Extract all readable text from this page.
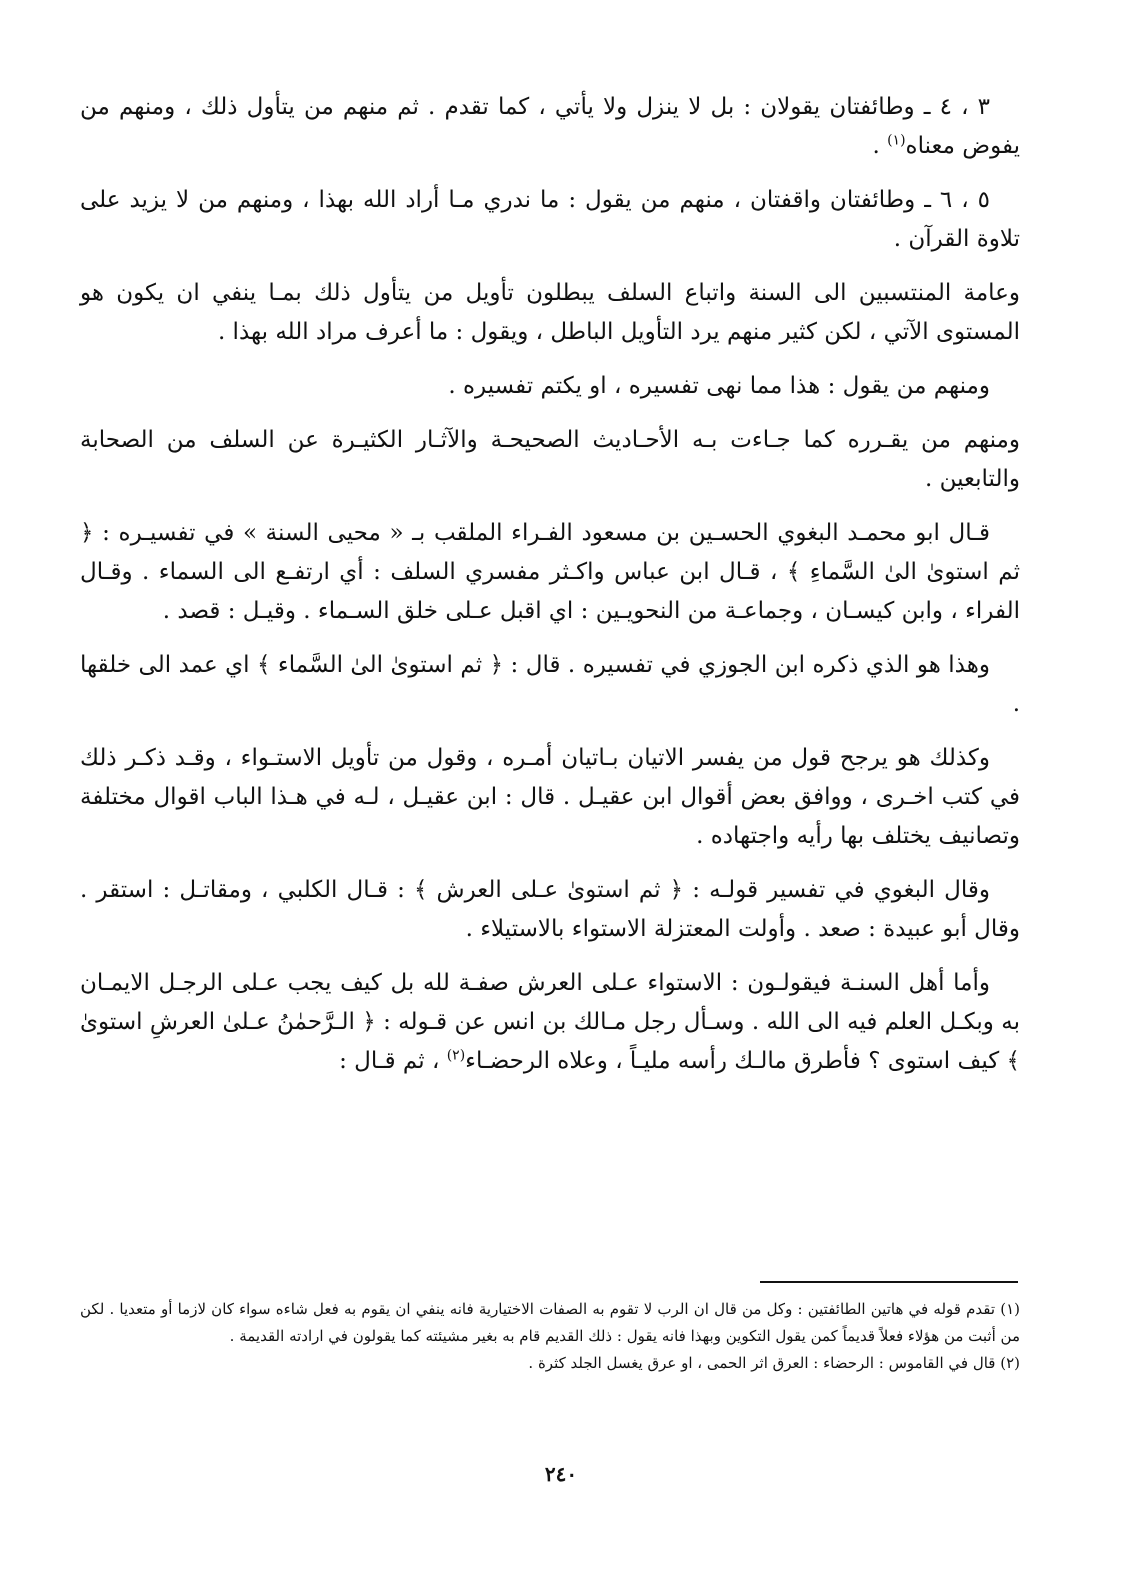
٣ ، ٤ ـ وطائفتان يقولان : بل لا ينزل ولا يأتي ، كما تقدم . ثم منهم من يتأول ذلك ، ومنهم من يفوض معناه$^{(١)}$ .

٥ ، ٦ ـ وطائفتان واقفتان ، منهم من يقول : ما ندري مـا أراد الله بهذا ، ومنهم من لا يزيد على تلاوة القرآن .

وعامة المنتسبين الى السنة واتباع السلف يبطلون تأويل من يتأول ذلك بمـا ينفي ان يكون هو المستوى الآتي ، لكن كثير منهم يرد التأويل الباطل ، ويقول : ما أعرف مراد الله بهذا .

ومنهم من يقول : هذا مما نهى تفسيره ، او يكتم تفسيره .

ومنهم من يقـرره كما جـاءت بـه الأحـاديث الصحيحـة والآثـار الكثيـرة عن السلف من الصحابة والتابعين .

قـال ابو محمـد البغوي الحسـين بن مسعود الفـراء الملقب بـ « محيى السنة » في تفسيـره : ﴿ ثم استوىٰ الىٰ السَّماءِ ﴾ ، قـال ابن عباس واكـثر مفسري السلف : أي ارتفـع الى السماء . وقـال الفراء ، وابن كيسـان ، وجماعـة من النحويـين : اي اقبل عـلى خلق السـماء . وقيـل : قصد .

وهذا هو الذي ذكره ابن الجوزي في تفسيره . قال : ﴿ ثم استوىٰ الىٰ السَّماء ﴾ اي عمد الى خلقها .

وكذلك هو يرجح قول من يفسر الاتيان بـاتيان أمـره ، وقول من تأويل الاستـواء ، وقـد ذكـر ذلك في كتب اخـرى ، ووافق بعض أقوال ابن عقيـل . قال : ابن عقيـل ، لـه في هـذا الباب اقوال مختلفة وتصانيف يختلف بها رأيه واجتهاده .

وقال البغوي في تفسير قولـه : ﴿ ثم استوىٰ عـلى العرش ﴾ : قـال الكلبي ، ومقاتـل : استقر . وقال أبو عبيدة : صعد . وأولت المعتزلة الاستواء بالاستيلاء .

وأما أهل السنـة فيقولـون : الاستواء عـلى العرش صفـة لله بل كيف يجب عـلى الرجـل الايمـان به وبكـل العلم فيه الى الله . وسـأل رجل مـالك بن انس عن قـوله : ﴿ الـرَّحمٰنُ عـلىٰ العرشِ استوىٰ ﴾ كيف استوى ؟ فأطرق مالـك رأسه مليـاً ، وعلاه الرحضـاء$^{(٢)}$ ، ثم قـال :

(١) تقدم قوله في هاتين الطائفتين : وكل من قال ان الرب لا تقوم به الصفات الاختيارية فانه ينفي ان يقوم به فعل شاءه سواء كان لازما أو متعديا . لكن من أثبت من هؤلاء فعلاً قديماً كمن يقول التكوين وبهذا فانه يقول : ذلك القديم قام به بغير مشيئته كما يقولون في ارادته القديمة .

(٢) قال في القاموس : الرحضاء : العرق اثر الحمى ، او عرق يغسل الجلد كثرة .

٢٤٠
